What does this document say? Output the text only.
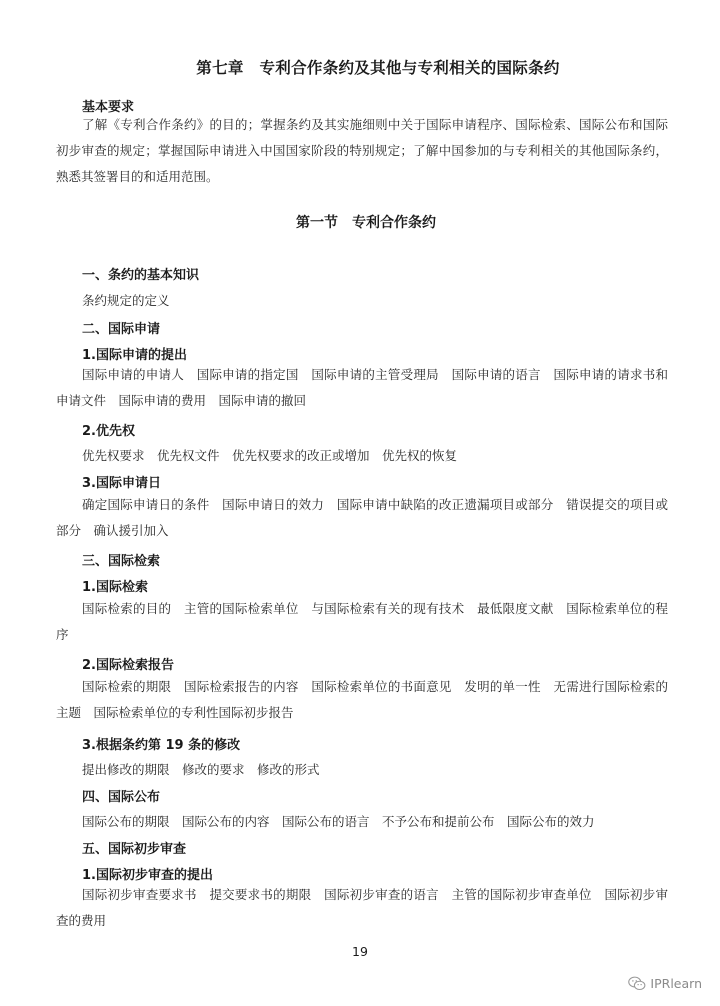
第七章　专利合作条约及其他与专利相关的国际条约
基本要求
了解《专利合作条约》的目的；掌握条约及其实施细则中关于国际申请程序、国际检索、国际公布和国际初步审查的规定；掌握国际申请进入中国国家阶段的特别规定；了解中国参加的与专利相关的其他国际条约，熟悉其签署目的和适用范围。
第一节　专利合作条约
一、条约的基本知识
条约规定的定义
二、国际申请
1.国际申请的提出
国际申请的申请人　国际申请的指定国　国际申请的主管受理局　国际申请的语言　国际申请的请求书和申请文件　国际申请的费用　国际申请的撤回
2.优先权
优先权要求　优先权文件　优先权要求的改正或增加　优先权的恢复
3.国际申请日
确定国际申请日的条件　国际申请日的效力　国际申请中缺陷的改正遗漏项目或部分　错误提交的项目或部分　确认援引加入
三、国际检索
1.国际检索
国际检索的目的　主管的国际检索单位　与国际检索有关的现有技术　最低限度文献　国际检索单位的程序
2.国际检索报告
国际检索的期限　国际检索报告的内容　国际检索单位的书面意见　发明的单一性　无需进行国际检索的主题　国际检索单位的专利性国际初步报告
3.根据条约第 19 条的修改
提出修改的期限　修改的要求　修改的形式
四、国际公布
国际公布的期限　国际公布的内容　国际公布的语言　不予公布和提前公布　国际公布的效力
五、国际初步审查
1.国际初步审查的提出
国际初步审查要求书　提交要求书的期限　国际初步审查的语言　主管的国际初步审查单位　国际初步审查的费用
19
IPRlearn
